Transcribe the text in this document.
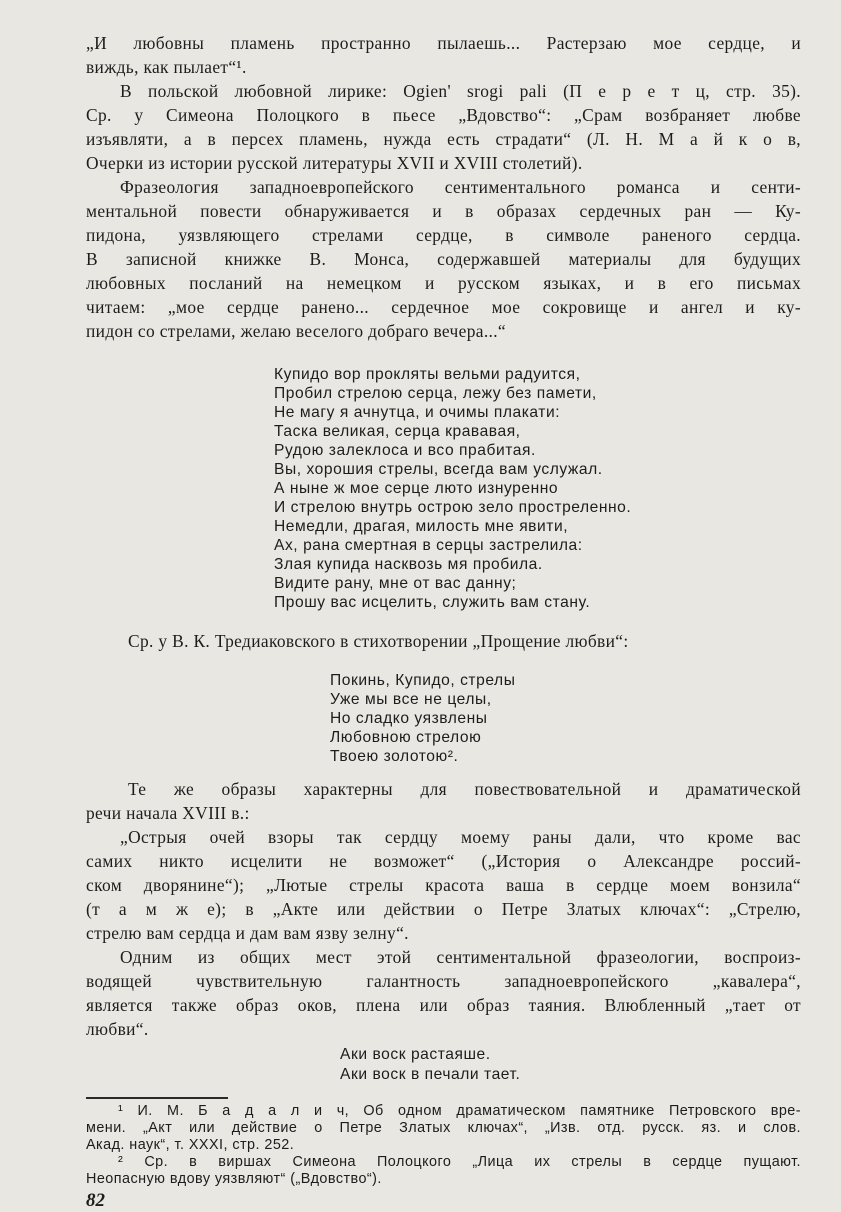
„И любовны пламень пространно пылаешь... Растерзаю мое сердце, и
виждь, как пылает“¹.
В польской любовной лирике: Ogien' srogi pali (П е р е т ц, стр. 35).
Ср. у Симеона Полоцкого в пьесе „Вдовство“: „Срам возбраняет любве
изъявляти, а в персех пламень, нужда есть страдати“ (Л. Н. М а й к о в,
Очерки из истории русской литературы XVII и XVIII столетий).
Фразеология западноевропейского сентиментального романса и сенти-
ментальной повести обнаруживается и в образах сердечных ран — Ку-
пидона, уязвляющего стрелами сердце, в символе раненого сердца.
В записной книжке В. Монса, содержавшей материалы для будущих
любовных посланий на немецком и русском языках, и в его письмах
читаем: „мое сердце ранено... сердечное мое сокровище и ангел и ку-
пидон со стрелами, желаю веселого добраго вечера...“
Купидо вор прокляты вельми радуится,
Пробил стрелою серца, лежу без памети,
Не магу я ачнутца, и очимы плакати:
Таска великая, серца крававая,
Рудою залеклоса и всо прабитая.
Вы, хорошия стрелы, всегда вам услужал.
А ныне ж мое серце люто изнуренно
И стрелою внутрь острою зело простреленно.
Немедли, драгая, милость мне явити,
Ах, рана смертная в серцы застрелила:
Злая купида насквозь мя пробила.
Видите рану, мне от вас данну;
Прошу вас исцелить, служить вам стану.
Ср. у В. К. Тредиаковского в стихотворении „Прощение любви“:
Покинь, Купидо, стрелы
Уже мы все не целы,
Но сладко уязвлены
Любовною стрелою
Твоею золотою².
Те же образы характерны для повествовательной и драматической
речи начала XVIII в.:
„Острыя очей взоры так сердцу моему раны дали, что кроме вас
самих никто исцелити не возможет“ („История о Александре россий-
ском дворянине“); „Лютые стрелы красота ваша в сердце моем вонзила“
(т а м ж е); в „Акте или действии о Петре Златых ключах“: „Стрелю,
стрелю вам сердца и дам вам язву зелну“.
Одним из общих мест этой сентиментальной фразеологии, воспроиз-
водящей чувствительную галантность западноевропейского „кавалера“,
является также образ оков, плена или образ таяния. Влюбленный „тает от
любви“.
Аки воск растаяше.
Аки воск в печали тает.
82
¹ И. М. Б а д а л и ч, Об одном драматическом памятнике Петровского вре-
мени. „Акт или действие о Петре Златых ключах“, „Изв. отд. русск. яз. и слов.
Акад. наук“, т. XXXI, стр. 252.
² Ср. в виршах Симеона Полоцкого „Лица их стрелы в сердце пущают.
Неопасную вдову уязвляют“ („Вдовство“).
